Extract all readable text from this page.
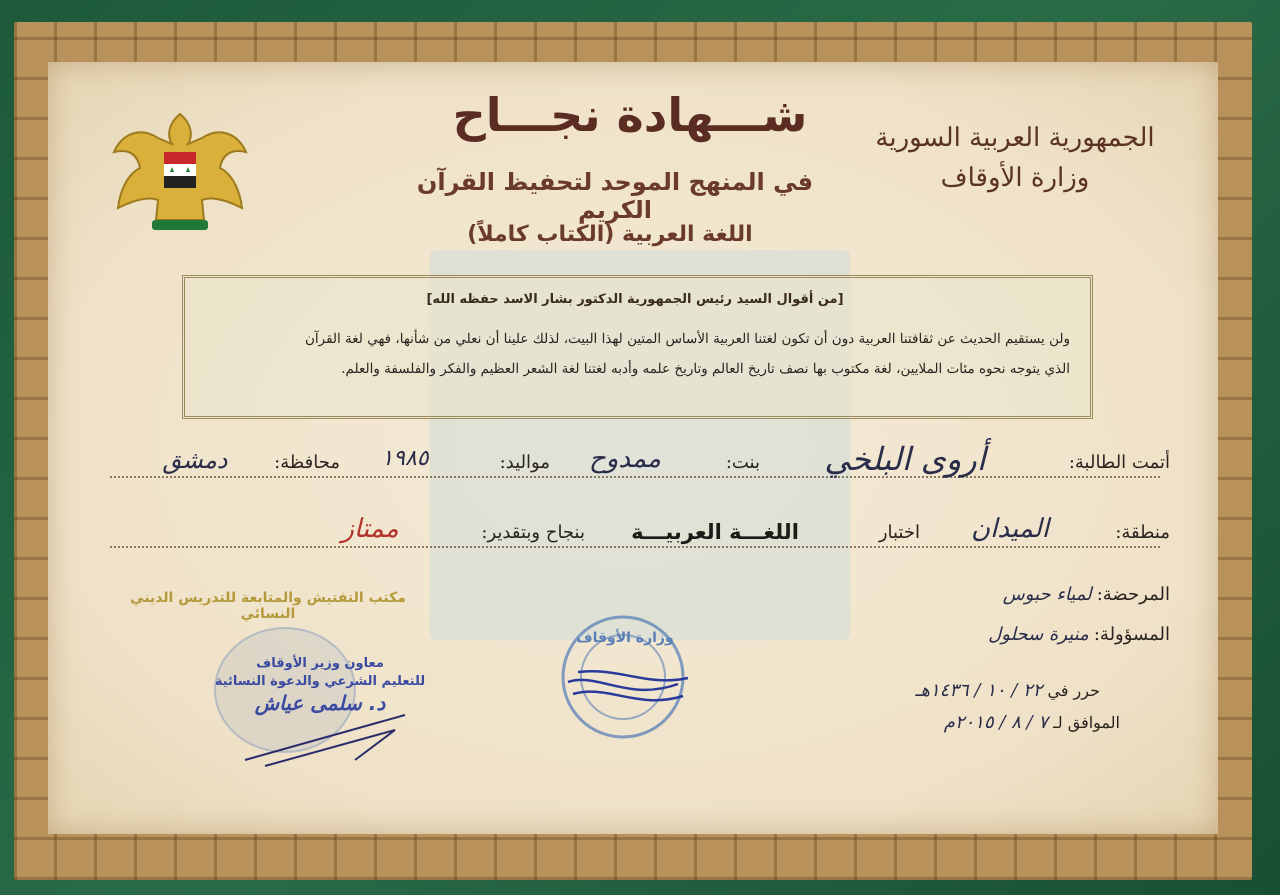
شـــهادة نجـــاح
في المنهج الموحد لتحفيظ القرآن الكريم
اللغة العربية (الكتاب كاملاً)
الجمهورية العربية السورية
وزارة الأوقاف
[من أقوال السيد رئيس الجمهورية الدكتور بشار الاسد حفظه الله]
ولن يستقيم الحديث عن ثقافتنا العربية دون أن تكون لغتنا العربية الأساس المتين لهذا البيت، لذلك علينا أن نعلي من شأنها، فهي لغة القرآن
الذي يتوجه نحوه مئات الملايين، لغة مكتوب بها نصف تاريخ العالم وتاريخ علمه وأدبه لغتنا لغة الشعر العظيم والفكر والفلسفة والعلم.
أتمت الطالبة:
أروى البلخي
بنت:
ممدوح
مواليد:
١٩٨٥
محافظة:
دمشق
منطقة:
الميدان
اختبار
اللغـــة العربيـــة
بنجاح وبتقدير:
ممتاز
مكتب التفتيش والمتابعة للتدريس الديني النسائي
المرحضة: لمياء حبوس
المسؤولة: منيرة سحلول
حرر في ٢٢ / ١٠ / ١٤٣٦هـ
الموافق لـ ٧ / ٨ / ٢٠١٥م
معاون وزير الأوقاف
للتعليم الشرعي والدعوة النسائية
د. سلمى عياش
وزارة الأوقاف
